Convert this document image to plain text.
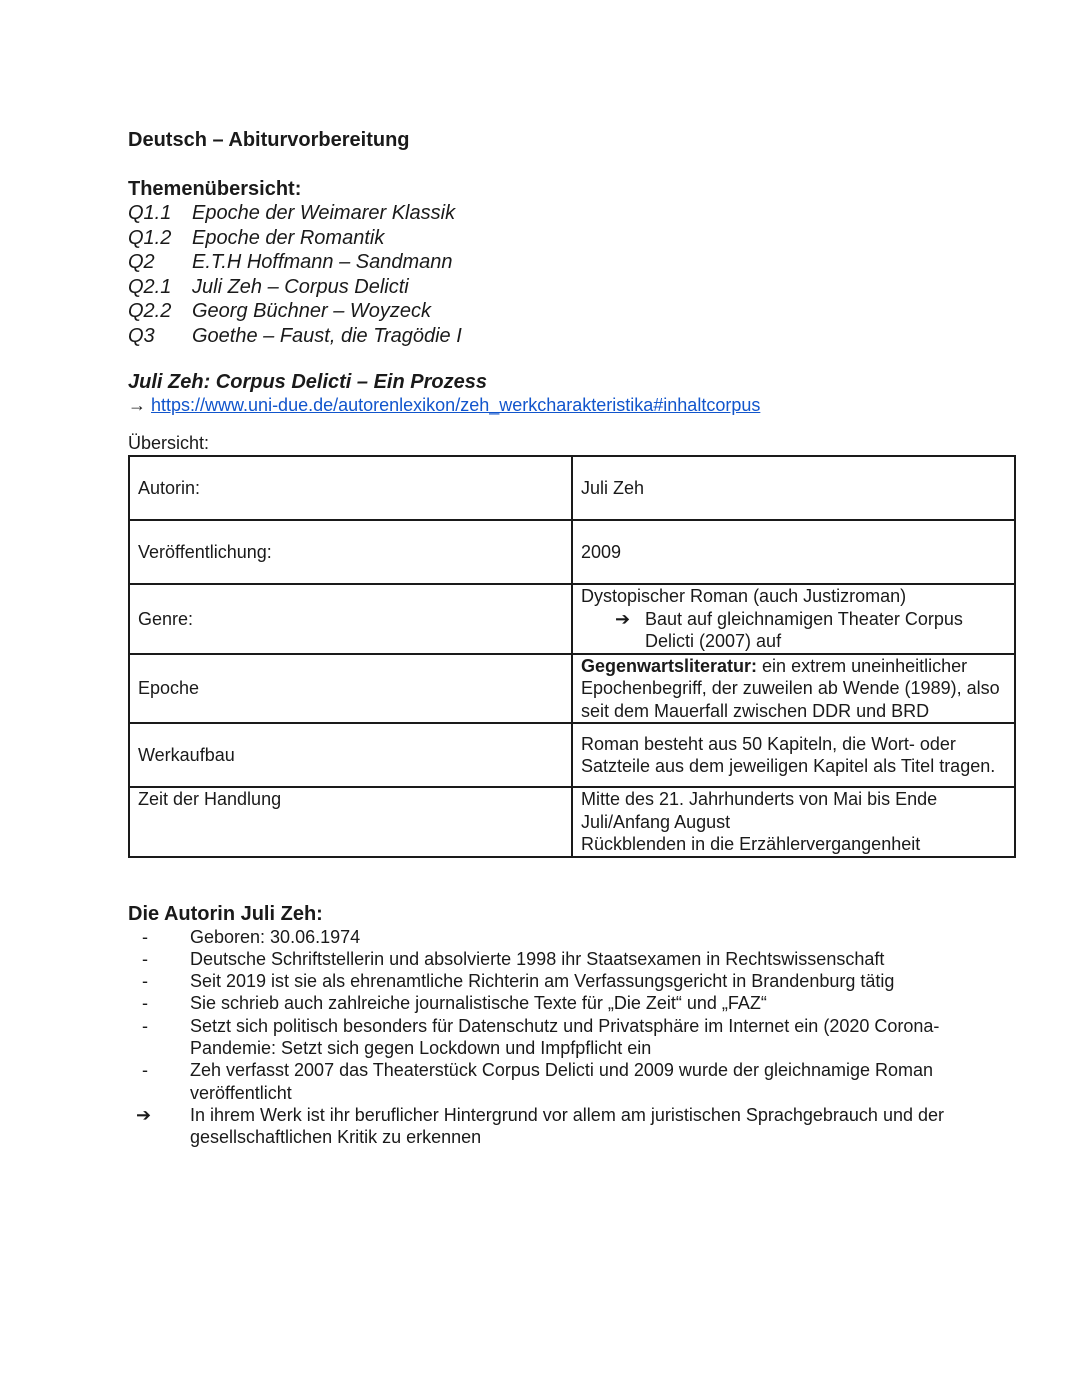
Deutsch – Abiturvorbereitung
Themenübersicht:
Q1.1	Epoche der Weimarer Klassik
Q1.2	Epoche der Romantik
Q2	E.T.H Hoffmann – Sandmann
Q2.1	Juli Zeh – Corpus Delicti
Q2.2	Georg Büchner – Woyzeck
Q3	Goethe – Faust, die Tragödie I
Juli Zeh: Corpus Delicti – Ein Prozess
→ https://www.uni-due.de/autorenlexikon/zeh_werkcharakteristika#inhaltcorpus
Übersicht:
Autorin:	Juli Zeh
Veröffentlichung:	2009
Genre:	Dystopischer Roman (auch Justizroman)
➔ Baut auf gleichnamigen Theater Corpus Delicti (2007) auf

Epoche	Gegenwartsliteratur: ein extrem uneinheitlicher Epochenbegriff, der zuweilen ab Wende (1989), also seit dem Mauerfall zwischen DDR und BRD
Werkaufbau	Roman besteht aus 50 Kapiteln, die Wort- oder Satzteile aus dem jeweiligen Kapitel als Titel tragen.
Zeit der Handlung	Mitte des 21. Jahrhunderts von Mai bis Ende Juli/Anfang August
Rückblenden in die Erzählervergangenheit
Die Autorin Juli Zeh:
-	Geboren: 30.06.1974
-	Deutsche Schriftstellerin und absolvierte 1998 ihr Staatsexamen in Rechtswissenschaft
-	Seit 2019 ist sie als ehrenamtliche Richterin am Verfassungsgericht in Brandenburg tätig
-	Sie schrieb auch zahlreiche journalistische Texte für „Die Zeit“ und „FAZ“
-	Setzt sich politisch besonders für Datenschutz und Privatsphäre im Internet ein (2020 Corona-Pandemie: Setzt sich gegen Lockdown und Impfpflicht ein
-	Zeh verfasst 2007 das Theaterstück Corpus Delicti und 2009 wurde der gleichnamige Roman veröffentlicht
➔	In ihrem Werk ist ihr beruflicher Hintergrund vor allem am juristischen Sprachgebrauch und der gesellschaftlichen Kritik zu erkennen
